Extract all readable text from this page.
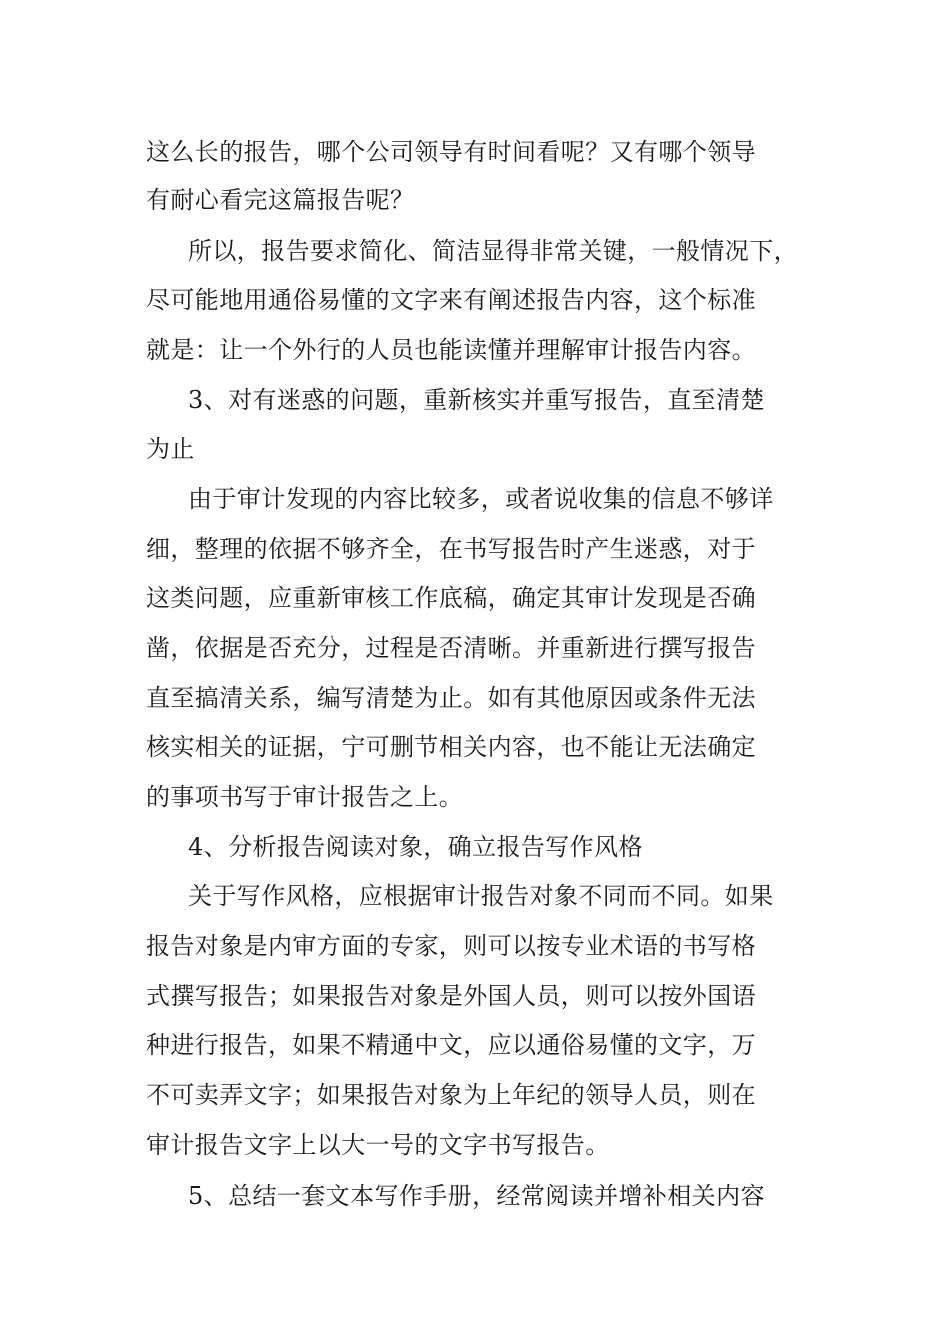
这么长的报告，哪个公司领导有时间看呢？又有哪个领导
有耐心看完这篇报告呢？
所以，报告要求简化、简洁显得非常关键，一般情况下，
尽可能地用通俗易懂的文字来有阐述报告内容，这个标准
就是：让一个外行的人员也能读懂并理解审计报告内容。
3、对有迷惑的问题，重新核实并重写报告，直至清楚
为止
由于审计发现的内容比较多，或者说收集的信息不够详
细，整理的依据不够齐全，在书写报告时产生迷惑，对于
这类问题，应重新审核工作底稿，确定其审计发现是否确
凿，依据是否充分，过程是否清晰。并重新进行撰写报告
直至搞清关系，编写清楚为止。如有其他原因或条件无法
核实相关的证据，宁可删节相关内容，也不能让无法确定
的事项书写于审计报告之上。
4、分析报告阅读对象，确立报告写作风格
关于写作风格，应根据审计报告对象不同而不同。如果
报告对象是内审方面的专家，则可以按专业术语的书写格
式撰写报告；如果报告对象是外国人员，则可以按外国语
种进行报告，如果不精通中文，应以通俗易懂的文字，万
不可卖弄文字；如果报告对象为上年纪的领导人员，则在
审计报告文字上以大一号的文字书写报告。
5、总结一套文本写作手册，经常阅读并增补相关内容
